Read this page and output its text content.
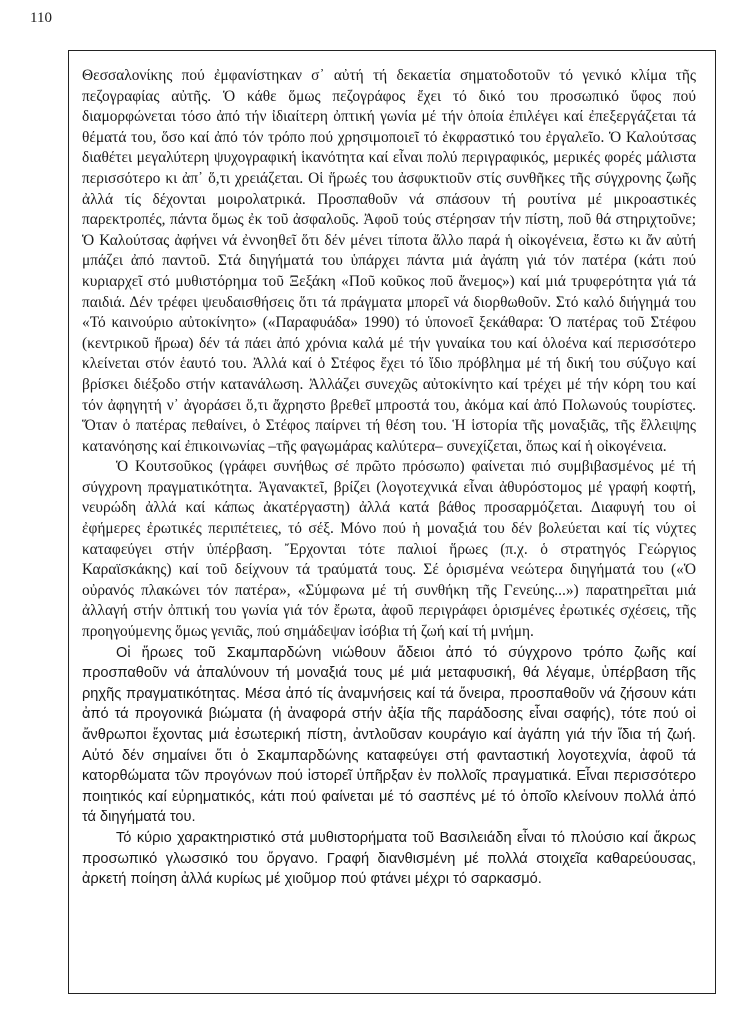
110

Θεσσαλονίκης πού ἐμφανίστηκαν σ᾽ αὐτή τή δεκαετία σηματοδοτοῦν τό γενικό κλίμα τῆς πεζογραφίας αὐτῆς. Ὁ κάθε ὅμως πεζογράφος ἔχει τό δικό του προσωπικό ὕφος πού διαμορφώνεται τόσο ἀπό τήν ἰδιαίτερη ὀπτική γωνία μέ τήν ὁποία ἐπιλέγει καί ἐπεξεργάζεται τά θέματά του, ὅσο καί ἀπό τόν τρόπο πού χρησιμοποιεῖ τό ἐκφραστικό του ἐργαλεῖο. Ὁ Καλούτσας διαθέτει μεγαλύτερη ψυχογραφική ἱκανότητα καί εἶναι πολύ περιγραφικός, μερικές φορές μάλιστα περισσότερο κι ἀπ᾽ ὅ,τι χρειάζεται. Οἱ ἥρωές του ἀσφυκτιοῦν στίς συνθῆκες τῆς σύγχρονης ζωῆς ἀλλά τίς δέχονται μοιρολατρικά. Προσπαθοῦν νά σπάσουν τή ρουτίνα μέ μικροαστικές παρεκτροπές, πάντα ὅμως ἐκ τοῦ ἀσφαλοῦς. Ἀφοῦ τούς στέρησαν τήν πίστη, ποῦ θά στηριχτοῦνε; Ὁ Καλούτσας ἀφήνει νά ἐννοηθεῖ ὅτι δέν μένει τίποτα ἄλλο παρά ἡ οἰκογένεια, ἔστω κι ἄν αὐτή μπάζει ἀπό παντοῦ. Στά διηγήματά του ὑπάρχει πάντα μιά ἀγάπη γιά τόν πατέρα (κάτι πού κυριαρχεῖ στό μυθιστόρημα τοῦ Ξεξάκη «Ποῦ κοῦκος ποῦ ἄνεμος») καί μιά τρυφερότητα γιά τά παιδιά. Δέν τρέφει ψευδαισθήσεις ὅτι τά πράγματα μπορεῖ νά διορθωθοῦν. Στό καλό διήγημά του «Τό καινούριο αὐτοκίνητο» («Παραφυάδα» 1990) τό ὑπονοεῖ ξεκάθαρα: Ὁ πατέρας τοῦ Στέφου (κεντρικοῦ ἥρωα) δέν τά πάει ἀπό χρόνια καλά μέ τήν γυναίκα του καί ὁλοένα καί περισσότερο κλείνεται στόν ἑαυτό του. Ἀλλά καί ὁ Στέφος ἔχει τό ἴδιο πρόβλημα μέ τή δική του σύζυγο καί βρίσκει διέξοδο στήν κατανάλωση. Ἀλλάζει συνεχῶς αὐτοκίνητο καί τρέχει μέ τήν κόρη του καί τόν ἀφηγητή ν᾽ ἀγοράσει ὅ,τι ἄχρηστο βρεθεῖ μπροστά του, ἀκόμα καί ἀπό Πολωνούς τουρίστες. Ὅταν ὁ πατέρας πεθαίνει, ὁ Στέφος παίρνει τή θέση του. Ἡ ἱστορία τῆς μοναξιᾶς, τῆς ἔλλειψης κατανόησης καί ἐπικοινωνίας –τῆς φαγωμάρας καλύτερα– συνεχίζεται, ὅπως καί ἡ οἰκογένεια.

Ὁ Κουτσοῦκος (γράφει συνήθως σέ πρῶτο πρόσωπο) φαίνεται πιό συμβιβασμένος μέ τή σύγχρονη πραγματικότητα. Ἀγανακτεῖ, βρίζει (λογοτεχνικά εἶναι ἀθυρόστομος μέ γραφή κοφτή, νευρώδη ἀλλά καί κάπως ἀκατέργαστη) ἀλλά κατά βάθος προσαρμόζεται. Διαφυγή του οἱ ἐφήμερες ἐρωτικές περιπέτειες, τό σέξ. Μόνο πού ἡ μοναξιά του δέν βολεύεται καί τίς νύχτες καταφεύγει στήν ὑπέρβαση. Ἔρχονται τότε παλιοί ἥρωες (π.χ. ὁ στρατηγός Γεώργιος Καραϊσκάκης) καί τοῦ δείχνουν τά τραύματά τους. Σέ ὁρισμένα νεώτερα διηγήματά του («Ὁ οὐρανός πλακώνει τόν πατέρα», «Σύμφωνα μέ τή συνθήκη τῆς Γενεύης...») παρατηρεῖται μιά ἀλλαγή στήν ὀπτική του γωνία γιά τόν ἔρωτα, ἀφοῦ περιγράφει ὁρισμένες ἐρωτικές σχέσεις, τῆς προηγούμενης ὅμως γενιᾶς, πού σημάδεψαν ἰσόβια τή ζωή καί τή μνήμη.

Οἱ ἥρωες τοῦ Σκαμπαρδώνη νιώθουν ἄδειοι ἀπό τό σύγχρονο τρόπο ζωῆς καί προσπαθοῦν νά ἀπαλύνουν τή μοναξιά τους μέ μιά μεταφυσική, θά λέγαμε, ὑπέρβαση τῆς ρηχῆς πραγματικότητας. Μέσα ἀπό τίς ἀναμνήσεις καί τά ὄνειρα, προσπαθοῦν νά ζήσουν κάτι ἀπό τά προγονικά βιώματα (ἡ ἀναφορά στήν ἀξία τῆς παράδοσης εἶναι σαφής), τότε πού οἱ ἄνθρωποι ἔχοντας μιά ἐσωτερική πίστη, ἀντλοῦσαν κουράγιο καί ἀγάπη γιά τήν ἴδια τή ζωή. Αὐτό δέν σημαίνει ὅτι ὁ Σκαμπαρδώνης καταφεύγει στή φανταστική λογοτεχνία, ἀφοῦ τά κατορθώματα τῶν προγόνων πού ἱστορεῖ ὑπῆρξαν ἐν πολλοῖς πραγματικά. Εἶναι περισσότερο ποιητικός καί εὐρηματικός, κάτι πού φαίνεται μέ τό σασπένς μέ τό ὁποῖο κλείνουν πολλά ἀπό τά διηγήματά του.

Τό κύριο χαρακτηριστικό στά μυθιστορήματα τοῦ Βασιλειάδη εἶναι τό πλούσιο καί ἄκρως προσωπικό γλωσσικό του ὄργανο. Γραφή διανθισμένη μέ πολλά στοιχεῖα καθαρεύουσας, ἀρκετή ποίηση ἀλλά κυρίως μέ χιοῦμορ πού φτάνει μέχρι τό σαρκασμό.
